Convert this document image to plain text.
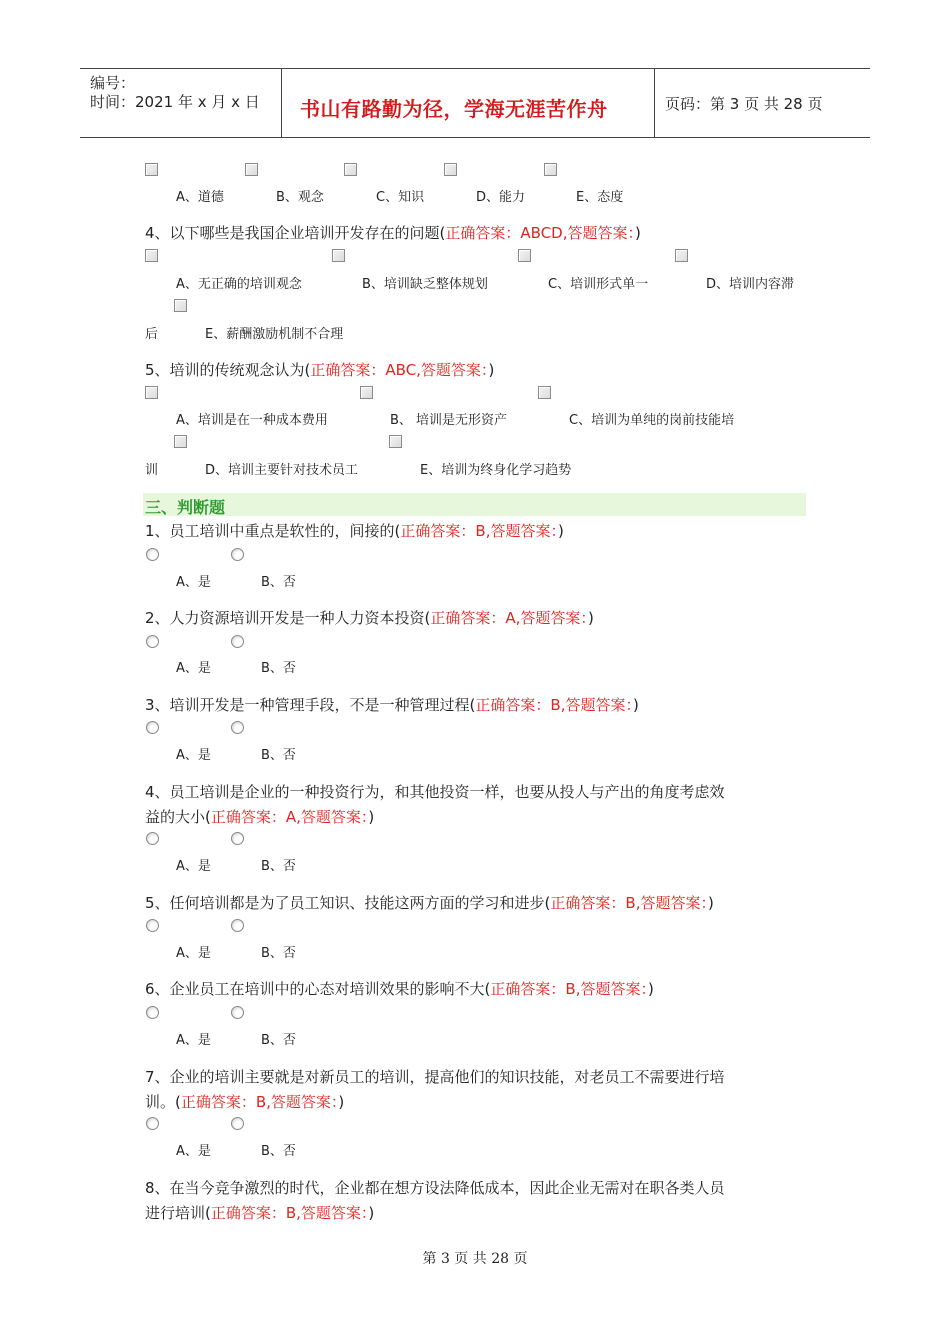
编号：
时间：2021 年 x 月 x 日 书山有路勤为径，学海无涯苦作舟	页码：第 3 页 共 28 页
A、道德	B、观念	C、知识	D、能力	E、态度
4、以下哪些是我国企业培训开发存在的问题(正确答案：ABCD,答题答案：)
A、无正确的培训观念	B、培训缺乏整体规划	C、培训形式单一	D、培训内容滞
后	E、薪酬激励机制不合理
5、培训的传统观念认为(正确答案：ABC,答题答案：)
A、培训是在一种成本费用	B、 培训是无形资产	C、培训为单纯的岗前技能培
训	D、培训主要针对技术员工	E、培训为终身化学习趋势
三、判断题
1、员工培训中重点是软性的，间接的(正确答案：B,答题答案：)
A、是	B、否
2、人力资源培训开发是一种人力资本投资(正确答案：A,答题答案：)
A、是	B、否
3、培训开发是一种管理手段，不是一种管理过程(正确答案：B,答题答案：)
A、是	B、否
4、员工培训是企业的一种投资行为，和其他投资一样，也要从投人与产出的角度考虑效
益的大小(正确答案：A,答题答案：)
A、是	B、否
5、任何培训都是为了员工知识、技能这两方面的学习和进步(正确答案：B,答题答案：)
A、是	B、否
6、企业员工在培训中的心态对培训效果的影响不大(正确答案：B,答题答案：)
A、是	B、否
7、企业的培训主要就是对新员工的培训，提高他们的知识技能，对老员工不需要进行培
训。(正确答案：B,答题答案：)
A、是	B、否
8、在当今竞争激烈的时代，企业都在想方设法降低成本，因此企业无需对在职各类人员
进行培训(正确答案：B,答题答案：)
第 3 页 共 28 页
